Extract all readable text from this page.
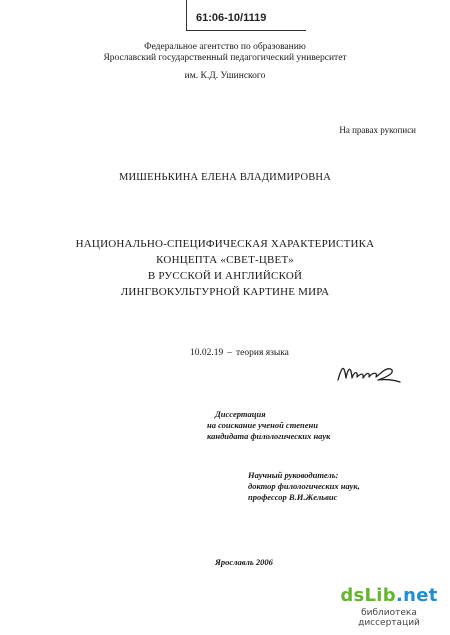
61:06-10/1119
Федеральное агентство по образованию
Ярославский государственный педагогический университет
им. К.Д. Ушинского
На правах рукописи
МИШЕНЬКИНА ЕЛЕНА ВЛАДИМИРОВНА
НАЦИОНАЛЬНО-СПЕЦИФИЧЕСКАЯ ХАРАКТЕРИСТИКА
КОНЦЕПТА «СВЕТ-ЦВЕТ»
В РУССКОЙ И АНГЛИЙСКОЙ
ЛИНГВОКУЛЬТУРНОЙ КАРТИНЕ МИРА
10.02.19 – теория языка
Диссертация
на соискание ученой степени
кандидата филологических наук
Научный руководитель:
доктор филологических наук,
профессор В.И.Жельвис
Ярославль 2006
dsLib.net
библиотека диссертаций
